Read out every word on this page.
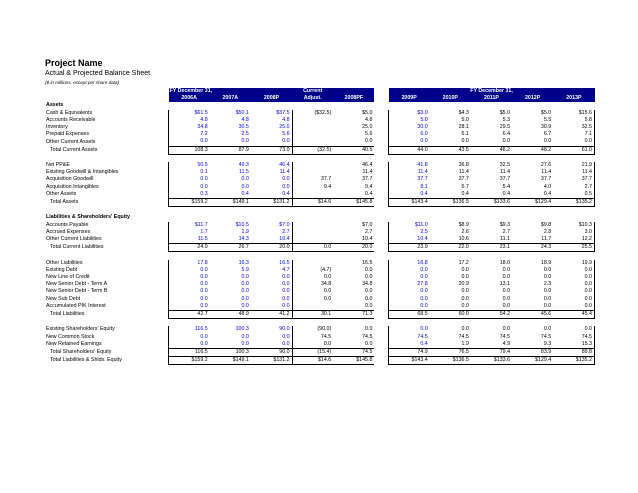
Project Name

Actual & Projected Balance Sheet

($ in millions, except per share data)

	FY December 31,			Current			FY December 31,				
	2006A	2007A	2008P	Adjust.	2008PF		2009P	2010P	2011P	2012P	2013P
Assets											
Cash & Equivalents	$61.5	$50.1	$37.5	($32.5)	$5.0		$3.0	$4.3	$5.0	$5.0	$15.6
Accounts Receivable	4.8	4.8	4.8		4.8		5.0	5.0	5.3	5.5	5.8
Inventory	34.8	30.5	25.0		25.0		30.0	28.1	29.5	30.9	32.5
Prepaid Expenses	7.2	2.5	5.6		5.6		6.0	6.1	6.4	6.7	7.1
Other Current Assets	0.0	0.0	0.0		0.0		0.0	0.0	0.0	0.0	0.0
Total Current Assets	108.3	87.9	73.0	(32.5)	40.5		44.0	43.5	46.2	48.2	61.0

Net PP&E	50.5	49.3	46.4		46.4		41.8	36.8	32.5	27.6	21.9
Existing Goodwill & Intangibles	0.1	11.5	11.4		11.4		11.4	11.4	11.4	11.4	11.4
Acquisition Goodwill	0.0	0.0	0.0	37.7	37.7		37.7	37.7	37.7	37.7	37.7
Acquisition Intangibles	0.0	0.0	0.0	9.4	9.4		8.1	6.7	5.4	4.0	2.7
Other Assets	0.3	0.4	0.4		0.4		0.4	0.4	0.4	0.4	0.5
Total Assets	$159.2	$149.1	$131.2	$14.6	$145.8		$143.4	$136.5	$133.6	$129.4	$135.2

Liabilities & Shareholders' Equity											
Accounts Payable	$11.7	$10.5	$7.0		$7.0		$11.0	$8.9	$9.3	$9.8	$10.3
Accrued Expenses	1.7	1.9	2.7		2.7		2.5	2.6	2.7	2.8	3.0
Other Current Liabilities	11.5	14.3	10.4		10.4		10.4	10.6	11.1	11.7	12.2
Total Current Liabilities	24.9	26.7	20.0	0.0	20.0		23.9	22.0	23.1	24.3	25.5

Other Liabilities	17.8	16.3	16.5		16.5		16.8	17.2	18.0	18.9	19.9
Existing Debt	0.0	5.9	4.7	(4.7)	0.0		0.0	0.0	0.0	0.0	0.0
New Line of Credit	0.0	0.0	0.0	0.0	0.0		0.0	0.0	0.0	0.0	0.0
New Senior Debt - Term A	0.0	0.0	0.0	34.8	34.8		27.8	20.9	13.1	2.3	0.0
New Senior Debt - Term B	0.0	0.0	0.0	0.0	0.0		0.0	0.0	0.0	0.0	0.0
New Sub Debt	0.0	0.0	0.0	0.0	0.0		0.0	0.0	0.0	0.0	0.0
Accumulated PIK Interest	0.0	0.0	0.0		0.0		0.0	0.0	0.0	0.0	0.0
Total Liabilities	42.7	48.9	41.2	30.1	71.3		68.5	60.0	54.2	45.6	45.4

Existing Shareholders' Equity	116.5	100.3	90.0	(90.0)	0.0		0.0	0.0	0.0	0.0	0.0
New Common Stock	0.0	0.0	0.0	74.5	74.5		74.5	74.5	74.5	74.5	74.5
New Retained Earnings	0.0	0.0	0.0	0.0	0.0		0.4	1.9	4.9	9.3	15.3
Total Shareholders' Equity	116.5	100.3	90.0	(15.4)	74.5		74.9	76.5	79.4	83.9	89.8
Total Liabilities & Shlds. Equity	$159.2	$149.1	$131.2	$14.6	$145.8		$143.4	$136.5	$133.6	$129.4	$135.2
